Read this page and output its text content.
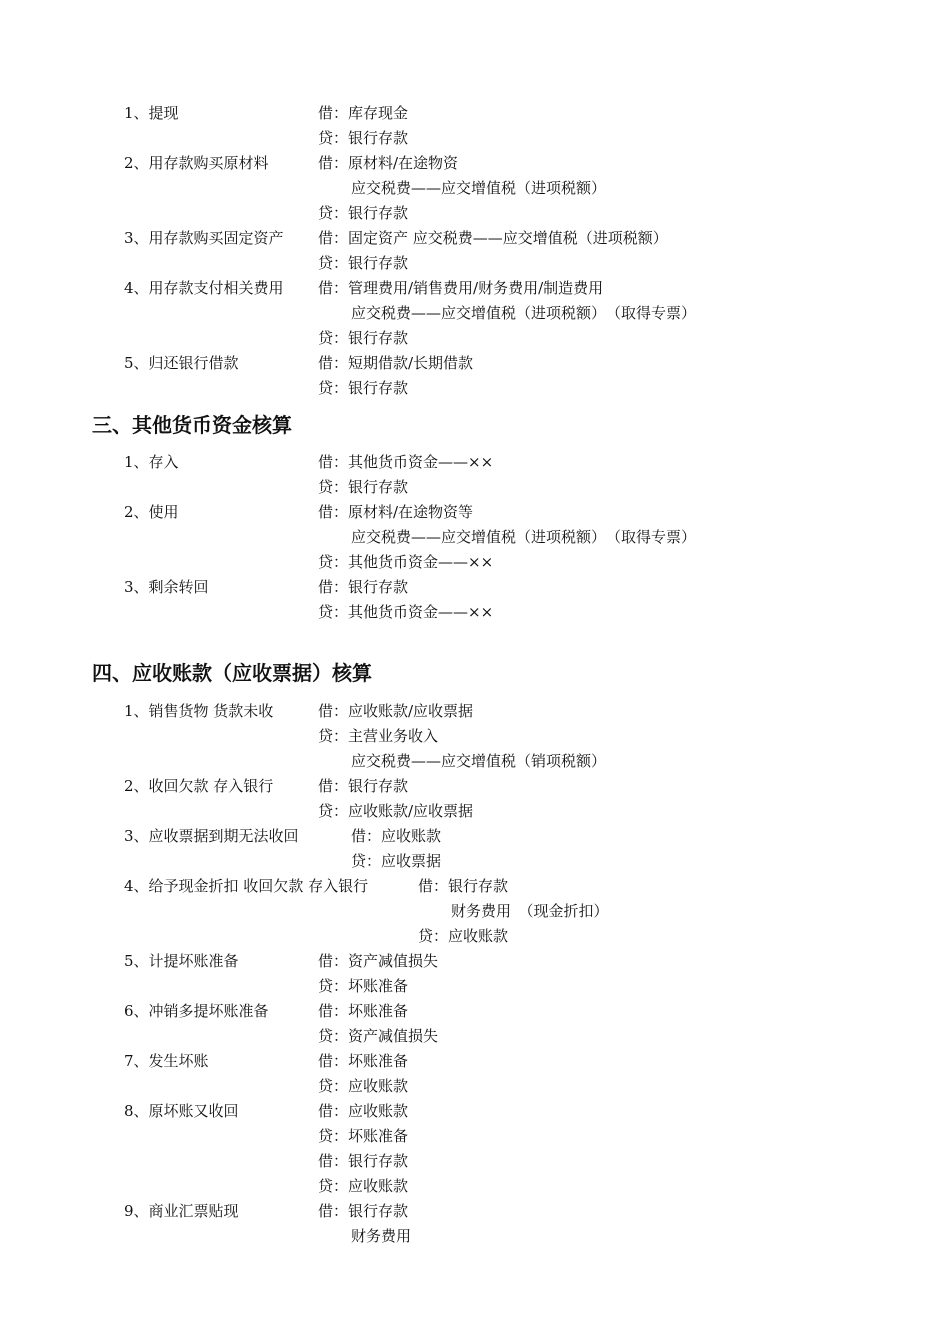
1、提现	借：库存现金
贷：银行存款
2、用存款购买原材料	借：原材料/在途物资
应交税费——应交增值税（进项税额）
贷：银行存款
3、用存款购买固定资产 借：固定资产 应交税费——应交增值税（进项税额）
贷：银行存款
4、用存款支付相关费用 借：管理费用/销售费用/财务费用/制造费用
应交税费——应交增值税（进项税额）　（取得专票）
贷：银行存款
5、归还银行借款	借：短期借款/长期借款
贷：银行存款
三、其他货币资金核算
1、存入	借：其他货币资金——××
贷：银行存款
2、使用	借：原材料/在途物资等
应交税费——应交增值税（进项税额）　（取得专票）
贷：其他货币资金——××
3、剩余转回	借：银行存款
贷：其他货币资金——××
四、应收账款（应收票据）核算
1、销售货物 货款未收	借：应收账款/应收票据
贷：主营业务收入
应交税费——应交增值税（销项税额）
2、收回欠款 存入银行	借：银行存款
贷：应收账款/应收票据
3、应收票据到期无法收回	借：应收账款
贷：应收票据
4、给予现金折扣 收回欠款 存入银行	借：银行存款
财务费用　（现金折扣）
贷：应收账款
5、计提坏账准备	借：资产减值损失
贷：坏账准备
6、冲销多提坏账准备	借：坏账准备
贷：资产减值损失
7、发生坏账	借：坏账准备
贷：应收账款
8、原坏账又收回	借：应收账款
贷：坏账准备
借：银行存款
贷：应收账款
9、商业汇票贴现	借：银行存款
财务费用
